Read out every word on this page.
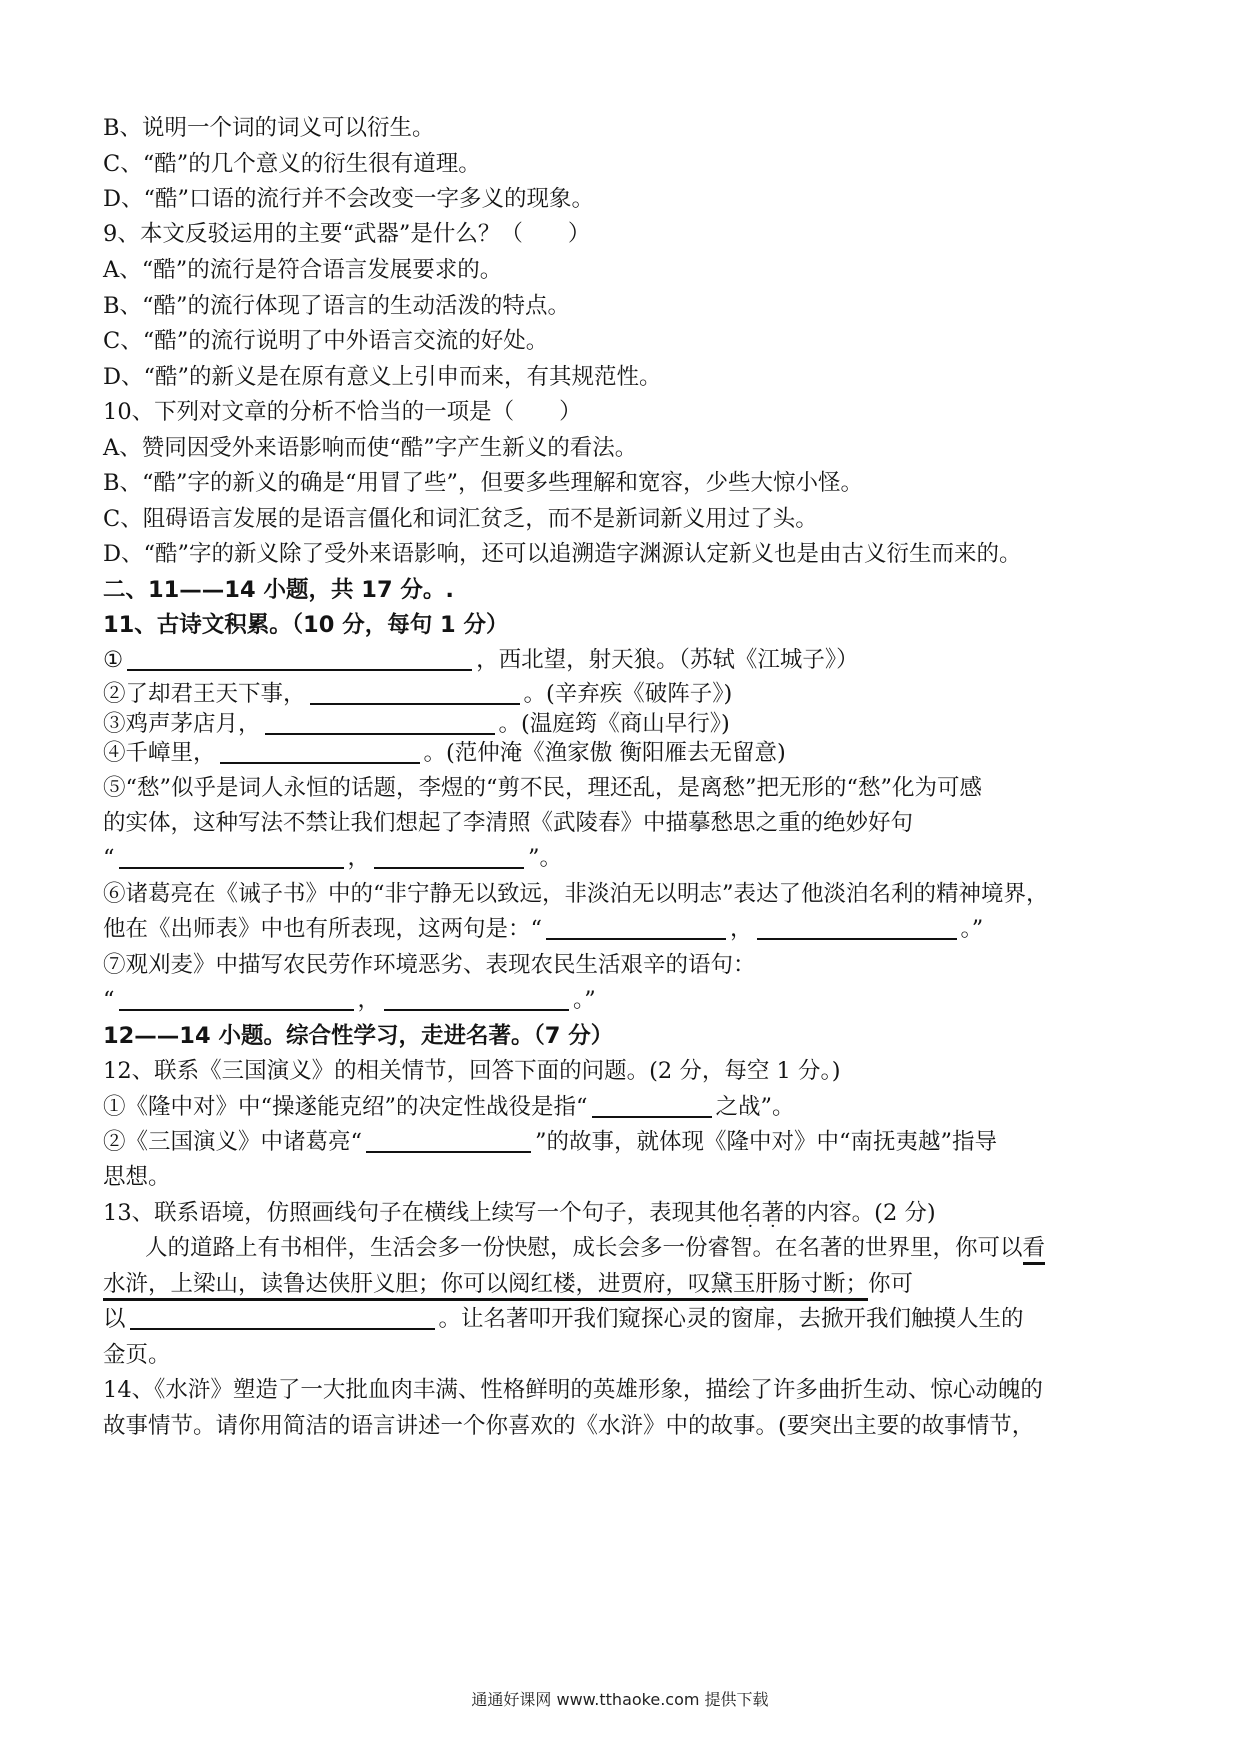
B、说明一个词的词义可以衍生。
C、“酷”的几个意义的衍生很有道理。
D、“酷”口语的流行并不会改变一字多义的现象。
9、本文反驳运用的主要“武器”是什么？（　　）
A、“酷”的流行是符合语言发展要求的。
B、“酷”的流行体现了语言的生动活泼的特点。
C、“酷”的流行说明了中外语言交流的好处。
D、“酷”的新义是在原有意义上引申而来，有其规范性。
10、下列对文章的分析不恰当的一项是（　　）
A、赞同因受外来语影响而使“酷”字产生新义的看法。
B、“酷”字的新义的确是“用冒了些”，但要多些理解和宽容，少些大惊小怪。
C、阻碍语言发展的是语言僵化和词汇贫乏，而不是新词新义用过了头。
D、“酷”字的新义除了受外来语影响，还可以追溯造字渊源认定新义也是由古义衍生而来的。
二、11——14 小题，共 17 分。.
11、古诗文积累。（10 分，每句 1 分）
①	，西北望，射天狼。（苏轼《江城子》）
②了却君王天下事，	。(辛弃疾《破阵子》)
③鸡声茅店月，	。(温庭筠《商山早行》)
④千嶂里，	。(范仲淹《渔家傲 衡阳雁去无留意)
⑤“愁”似乎是词人永恒的话题，李煜的“剪不民，理还乱，是离愁”把无形的“愁”化为可感
的实体，这种写法不禁让我们想起了李清照《武陵春》中描摹愁思之重的绝妙好句
“	，	”。
⑥诸葛亮在《诫子书》中的“非宁静无以致远，非淡泊无以明志”表达了他淡泊名利的精神境界，
他在《出师表》中也有所表现，这两句是：“	，	。”
⑦观刈麦》中描写农民劳作环境恶劣、表现农民生活艰辛的语句：
“	，	。”
12——14 小题。综合性学习，走进名著。（7 分）
12、联系《三国演义》的相关情节，回答下面的问题。(2 分，每空 1 分。)
①《隆中对》中“操遂能克绍”的决定性战役是指“	之战”。
②《三国演义》中诸葛亮“	”的故事，就体现《隆中对》中“南抚夷越”指导
思想。
13、联系语境，仿照画线句子在横线上续写一个句子，表现其他名著的内容。(2 分)
人的道路上有书相伴，生活会多一份快慰，成长会多一份睿智。在名著的世界里，你可以看
水浒，上梁山，读鲁达侠肝义胆；你可以阅红楼，进贾府，叹黛玉肝肠寸断；你可
以	。让名著叩开我们窥探心灵的窗扉，去掀开我们触摸人生的
金页。
14、《水浒》塑造了一大批血肉丰满、性格鲜明的英雄形象，描绘了许多曲折生动、惊心动魄的
故事情节。请你用简洁的语言讲述一个你喜欢的《水浒》中的故事。(要突出主要的故事情节，
通通好课网 www.tthaoke.com 提供下载
